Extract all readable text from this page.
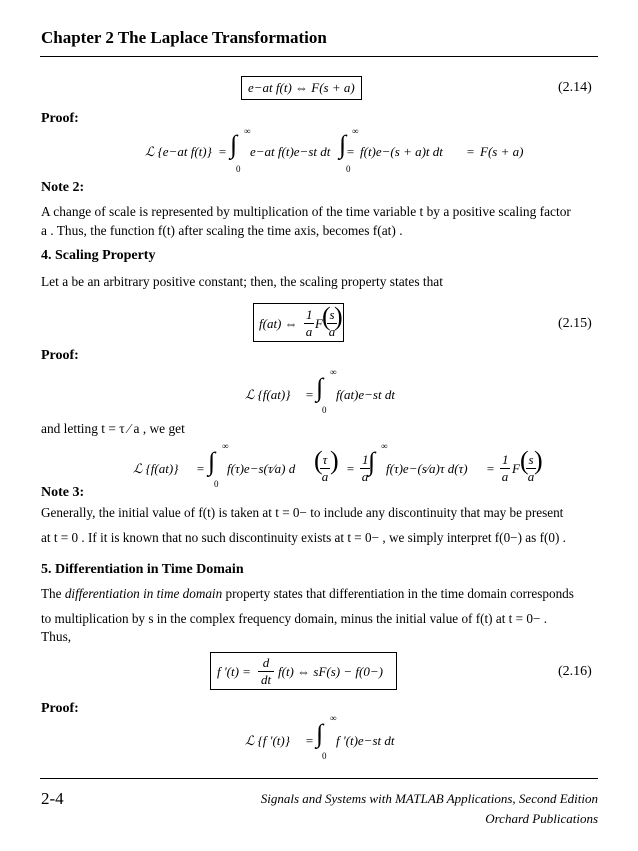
Chapter 2 The Laplace Transformation
e−at f(t) ⇔ F(s + a)	(2.14)
Proof:
ℒ {e−at f(t)} = ∫ ∞
0
e−at f(t)e−st dt =
∫ ∞
0
f(t)e−(s + a)t dt = F(s + a)
Note 2:
A change of scale is represented by multiplication of the time variable t by a positive scaling factor
a . Thus, the function f(t) after scaling the time axis, becomes f(at) .
4. Scaling Property
Let a be an arbitrary positive constant; then, the scaling property states that
f(at) ⇔ $\frac{1}{a}$ F (
$\frac{s}{a}$
)	(2.15)
Proof:
ℒ {f(at)} = ∫
∞
0
f(at)e−st dt
and letting t = τ ⁄ a , we get
ℒ {f(at)} = ∫
∞
0
f(τ)e−s(τ⁄a) d (
$\frac{\tau}{a}$ ) = $\frac{1}{a}$
∫
∞
f(τ)e−(s⁄a)τ $d(\tau) = \frac{1}{a}$ F (
$\frac{s}{a}$
)
Note 3:
Generally, the initial value of f(t) is taken at t = 0− to include any discontinuity that may be present
at t = 0 . If it is known that no such discontinuity exists at t = 0− , we simply interpret f(0−) as f(0) .
5. Differentiation in Time Domain
The differentiation in time domain property states that differentiation in the time domain corresponds
to multiplication by s in the complex frequency domain, minus the initial value of f(t) at t = 0− .
Thus,
f '$(t) = \frac{d}{dt} f(t)$ ⇔ sF(s) − f(0−)	(2.16)
Proof:
ℒ {f '(t)} = ∫
∞
0
f '(t)e−st dt
2-4	Signals and Systems with MATLAB Applications, Second Edition
Orchard Publications
